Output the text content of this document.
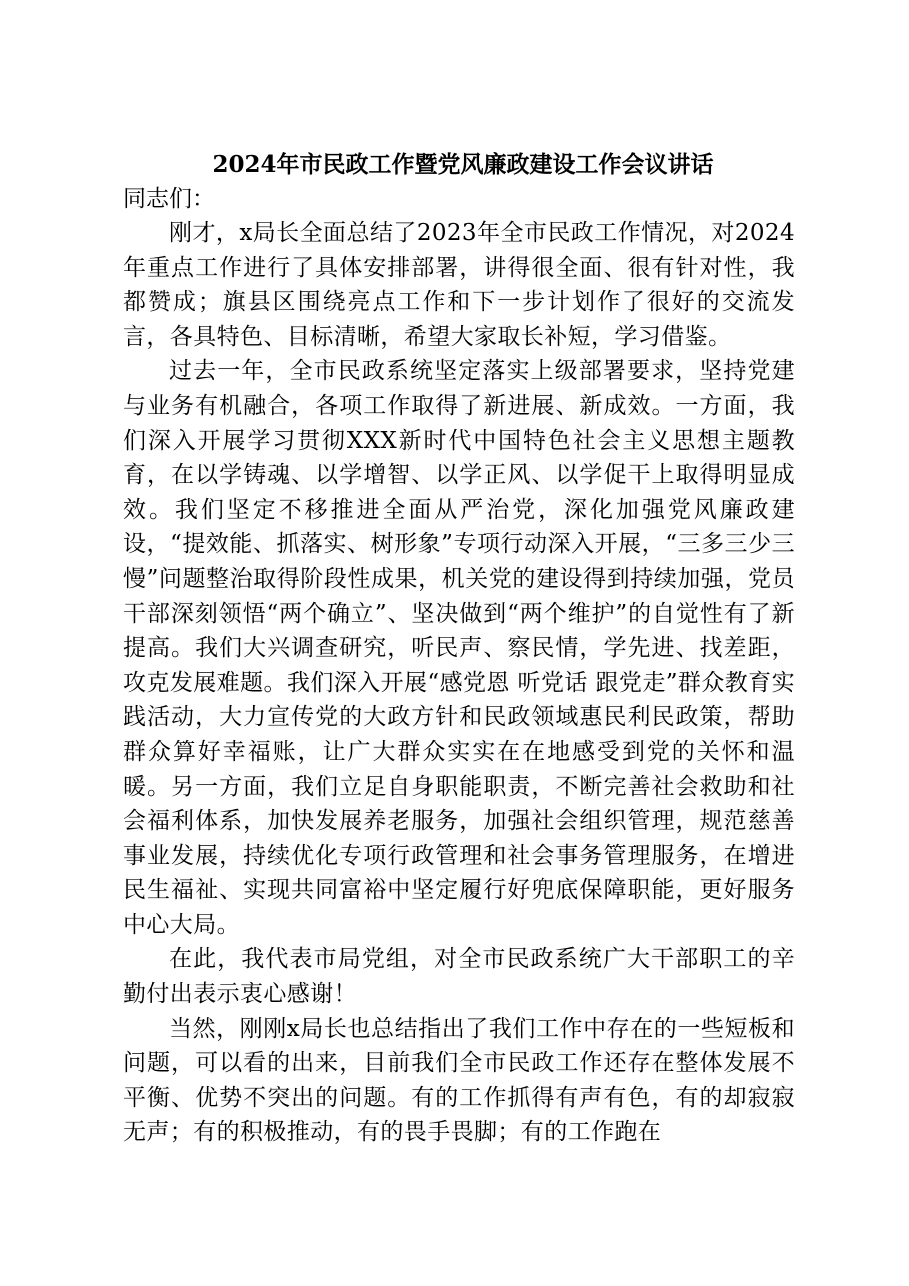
2024年市民政工作暨党风廉政建设工作会议讲话

同志们：

刚才，x局长全面总结了2023年全市民政工作情况，对2024年重点工作进行了具体安排部署，讲得很全面、很有针对性，我都赞成；旗县区围绕亮点工作和下一步计划作了很好的交流发言，各具特色、目标清晰，希望大家取长补短，学习借鉴。

过去一年，全市民政系统坚定落实上级部署要求，坚持党建与业务有机融合，各项工作取得了新进展、新成效。一方面，我们深入开展学习贯彻XXX新时代中国特色社会主义思想主题教育，在以学铸魂、以学增智、以学正风、以学促干上取得明显成效。我们坚定不移推进全面从严治党，深化加强党风廉政建设，“提效能、抓落实、树形象”专项行动深入开展，“三多三少三慢”问题整治取得阶段性成果，机关党的建设得到持续加强，党员干部深刻领悟“两个确立”、坚决做到“两个维护”的自觉性有了新提高。我们大兴调查研究，听民声、察民情，学先进、找差距，攻克发展难题。我们深入开展“感党恩 听党话 跟党走”群众教育实践活动，大力宣传党的大政方针和民政领域惠民利民政策，帮助群众算好幸福账，让广大群众实实在在地感受到党的关怀和温暖。另一方面，我们立足自身职能职责，不断完善社会救助和社会福利体系，加快发展养老服务，加强社会组织管理，规范慈善事业发展，持续优化专项行政管理和社会事务管理服务，在增进民生福祉、实现共同富裕中坚定履行好兜底保障职能，更好服务中心大局。

在此，我代表市局党组，对全市民政系统广大干部职工的辛勤付出表示衷心感谢！

当然，刚刚x局长也总结指出了我们工作中存在的一些短板和问题，可以看的出来，目前我们全市民政工作还存在整体发展不平衡、优势不突出的问题。有的工作抓得有声有色，有的却寂寂无声；有的积极推动，有的畏手畏脚；有的工作跑在
